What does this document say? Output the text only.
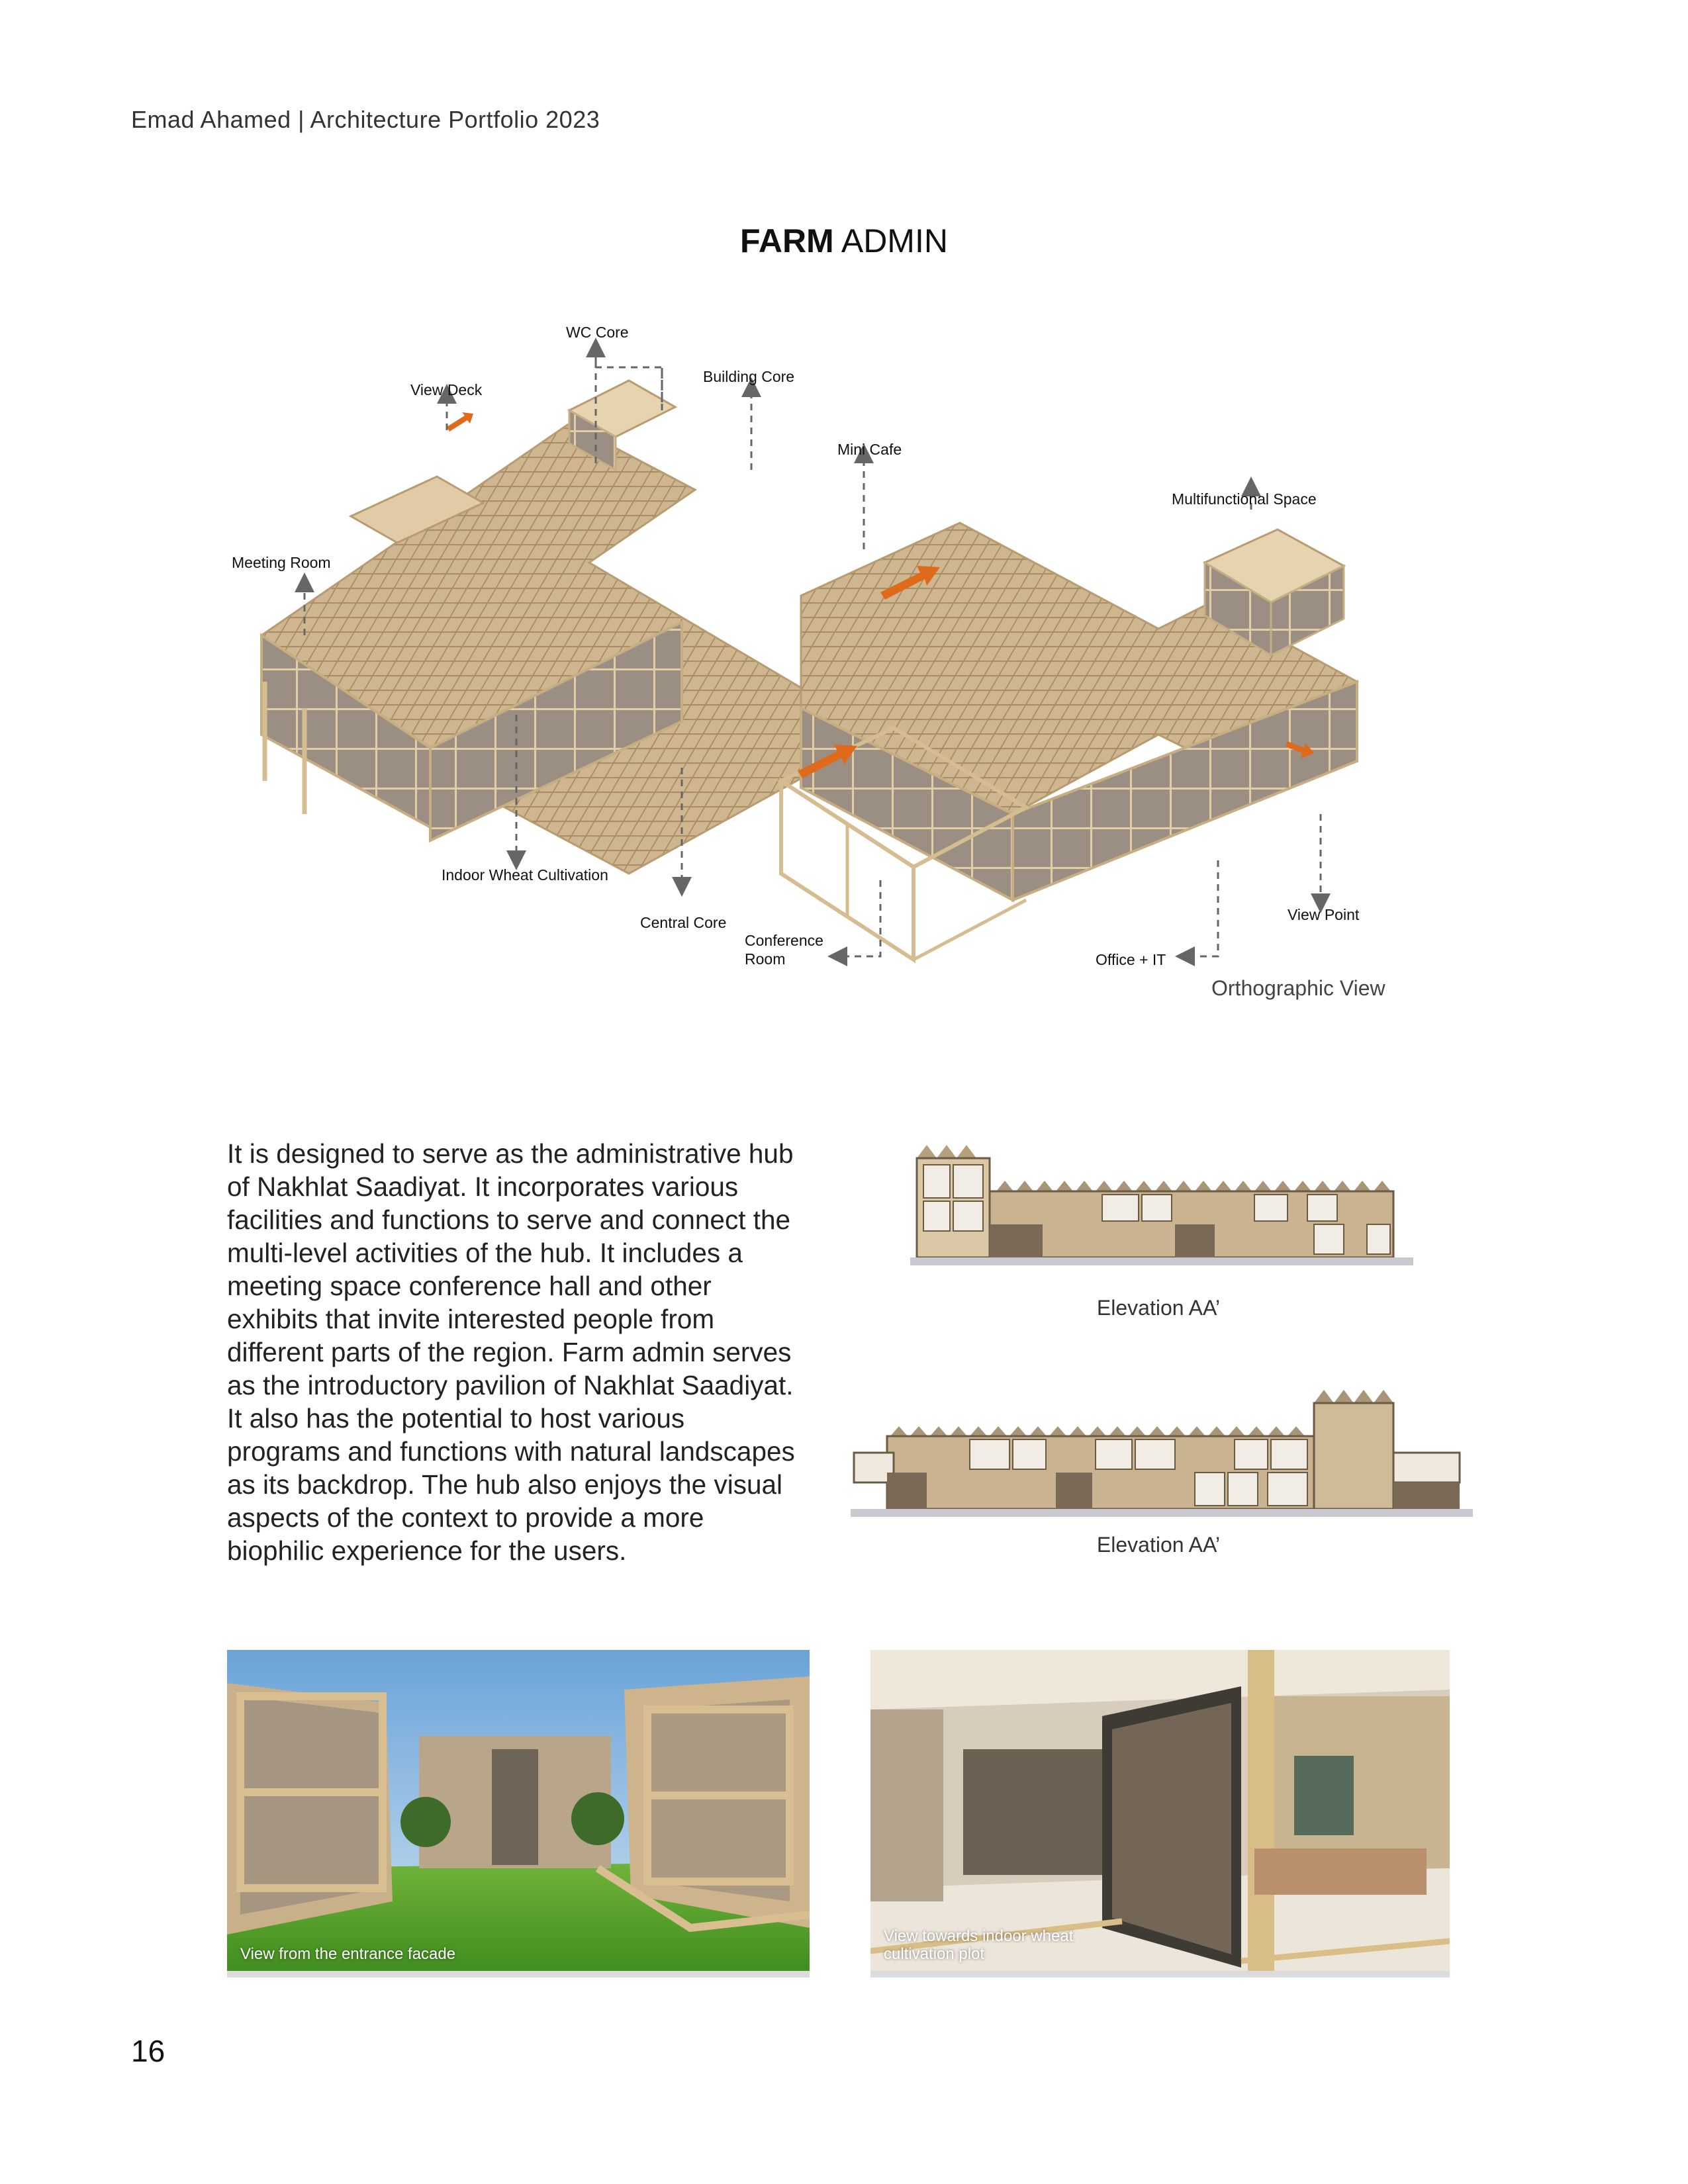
Emad Ahamed | Architecture Portfolio 2023
FARM ADMIN
WC Core
Building Core
View Deck
Mini Cafe
Multifunctional Space
Meeting Room
Indoor Wheat Cultivation
Central Core
Conference
Room
View Point
Office + IT
Orthographic View
It is designed to serve as the administrative hub of Nakhlat Saadiyat. It incorporates various facilities and functions to serve and connect the multi-level activities of the hub. It includes a meeting space conference hall and other exhibits that invite interested people from different parts of the region. Farm admin serves as the introductory pavilion of Nakhlat Saadiyat. It also has the potential to host various programs and functions with natural landscapes as its backdrop. The hub also enjoys the visual aspects of the context to provide a more biophilic experience for the users.
Elevation AA’
Elevation AA’
View from the entrance facade
View towards indoor wheat
cultivation plot
16
